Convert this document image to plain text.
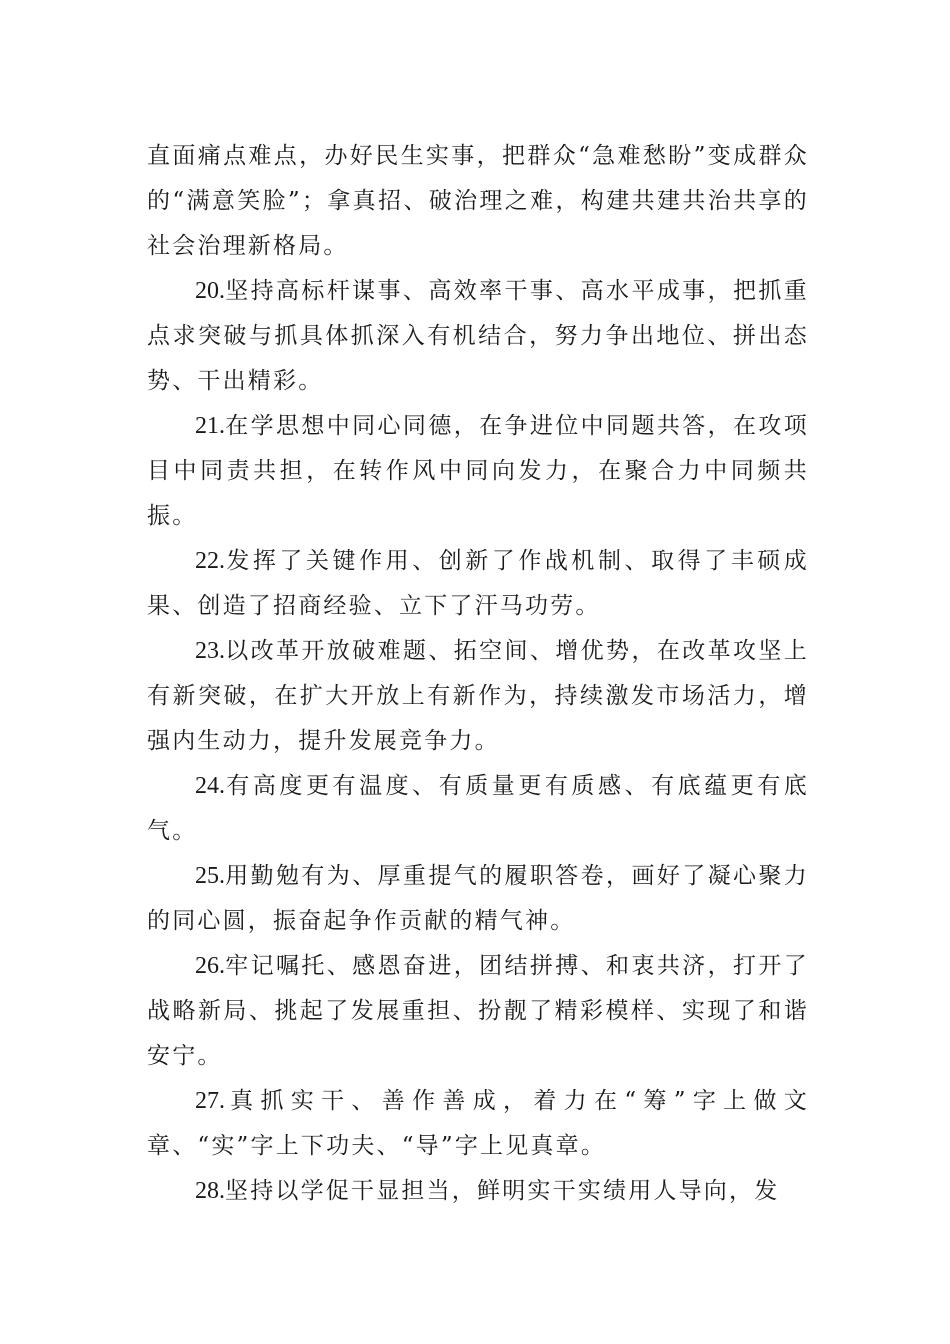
直面痛点难点，办好民生实事，把群众“急难愁盼”变成群众的“满意笑脸”；拿真招、破治理之难，构建共建共治共享的社会治理新格局。

20.坚持高标杆谋事、高效率干事、高水平成事，把抓重点求突破与抓具体抓深入有机结合，努力争出地位、拼出态势、干出精彩。

21.在学思想中同心同德，在争进位中同题共答，在攻项目中同责共担，在转作风中同向发力，在聚合力中同频共振。

22.发挥了关键作用、创新了作战机制、取得了丰硕成果、创造了招商经验、立下了汗马功劳。

23.以改革开放破难题、拓空间、增优势，在改革攻坚上有新突破，在扩大开放上有新作为，持续激发市场活力，增强内生动力，提升发展竞争力。

24.有高度更有温度、有质量更有质感、有底蕴更有底气。

25.用勤勉有为、厚重提气的履职答卷，画好了凝心聚力的同心圆，振奋起争作贡献的精气神。

26.牢记嘱托、感恩奋进，团结拼搏、和衷共济，打开了战略新局、挑起了发展重担、扮靓了精彩模样、实现了和谐安宁。

27.真抓实干、善作善成，着力在“筹”字上做文章、“实”字上下功夫、“导”字上见真章。

28.坚持以学促干显担当，鲜明实干实绩用人导向，发
